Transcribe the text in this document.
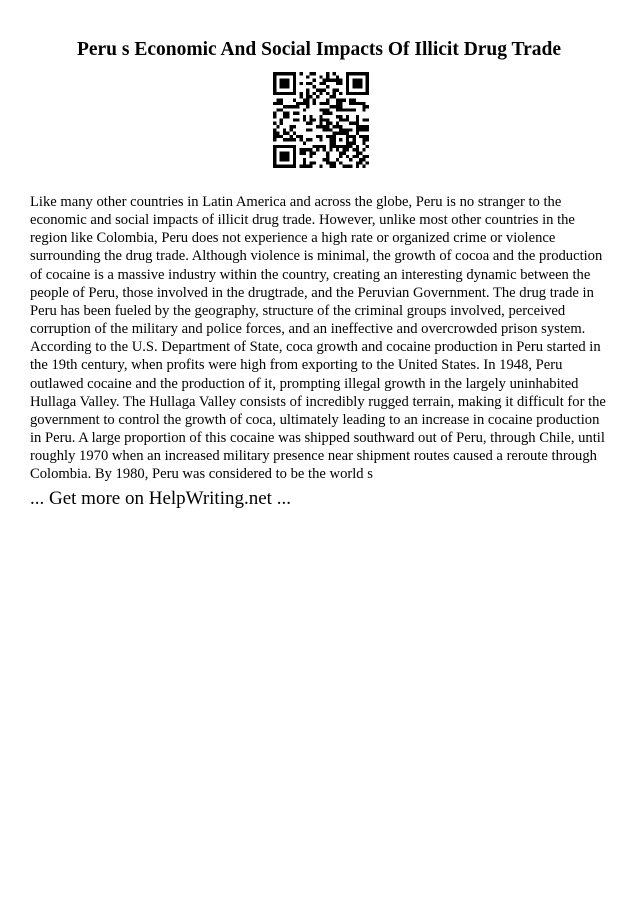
Peru s Economic And Social Impacts Of Illicit Drug Trade

Like many other countries in Latin America and across the globe, Peru is no stranger to the economic and social impacts of illicit drug trade. However, unlike most other countries in the region like Colombia, Peru does not experience a high rate or organized crime or violence surrounding the drug trade. Although violence is minimal, the growth of cocoa and the production of cocaine is a massive industry within the country, creating an interesting dynamic between the people of Peru, those involved in the drugtrade, and the Peruvian Government. The drug trade in Peru has been fueled by the geography, structure of the criminal groups involved, perceived corruption of the military and police forces, and an ineffective and overcrowded prison system. According to the U.S. Department of State, coca growth and cocaine production in Peru started in the 19th century, when profits were high from exporting to the United States. In 1948, Peru outlawed cocaine and the production of it, prompting illegal growth in the largely uninhabited Hullaga Valley. The Hullaga Valley consists of incredibly rugged terrain, making it difficult for the government to control the growth of coca, ultimately leading to an increase in cocaine production in Peru. A large proportion of this cocaine was shipped southward out of Peru, through Chile, until roughly 1970 when an increased military presence near shipment routes caused a reroute through Colombia. By 1980, Peru was considered to be the world s

... Get more on HelpWriting.net ...
